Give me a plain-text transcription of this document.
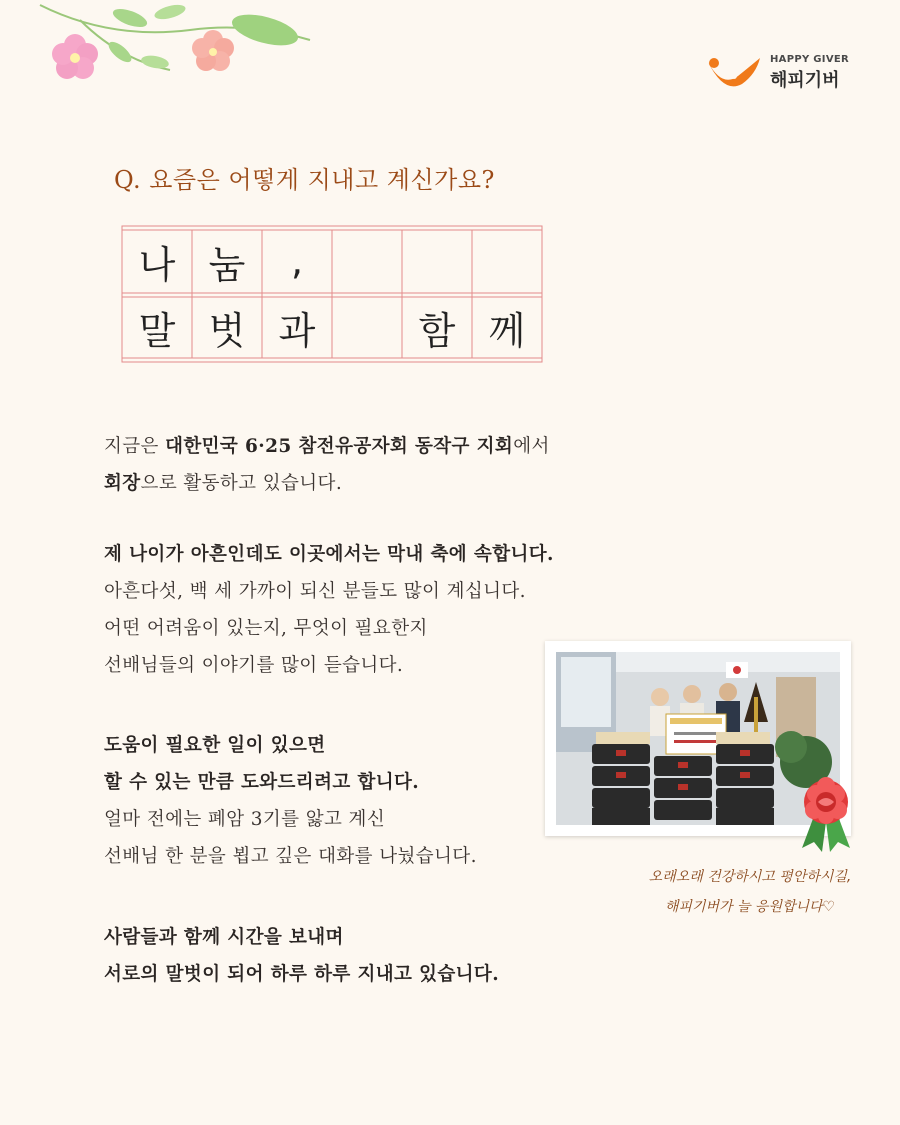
HAPPY GIVER
해피기버
Q. 요즘은 어떻게 지내고 계신가요?
나 눔	,
말 벗 과	함 께
지금은 대한민국 6·25 참전유공자회 동작구 지회에서
회장으로 활동하고 있습니다.
제 나이가 아흔인데도 이곳에서는 막내 축에 속합니다.
아흔다섯, 백 세 가까이 되신 분들도 많이 계십니다.
어떤 어려움이 있는지, 무엇이 필요한지
선배님들의 이야기를 많이 듣습니다.
도움이 필요한 일이 있으면
할 수 있는 만큼 도와드리려고 합니다.
얼마 전에는 폐암 3기를 앓고 계신
선배님 한 분을 뵙고 깊은 대화를 나눴습니다.
사람들과 함께 시간을 보내며
서로의 말벗이 되어 하루 하루 지내고 있습니다.
오래오래 건강하시고 평안하시길,
해피기버가 늘 응원합니다♡
